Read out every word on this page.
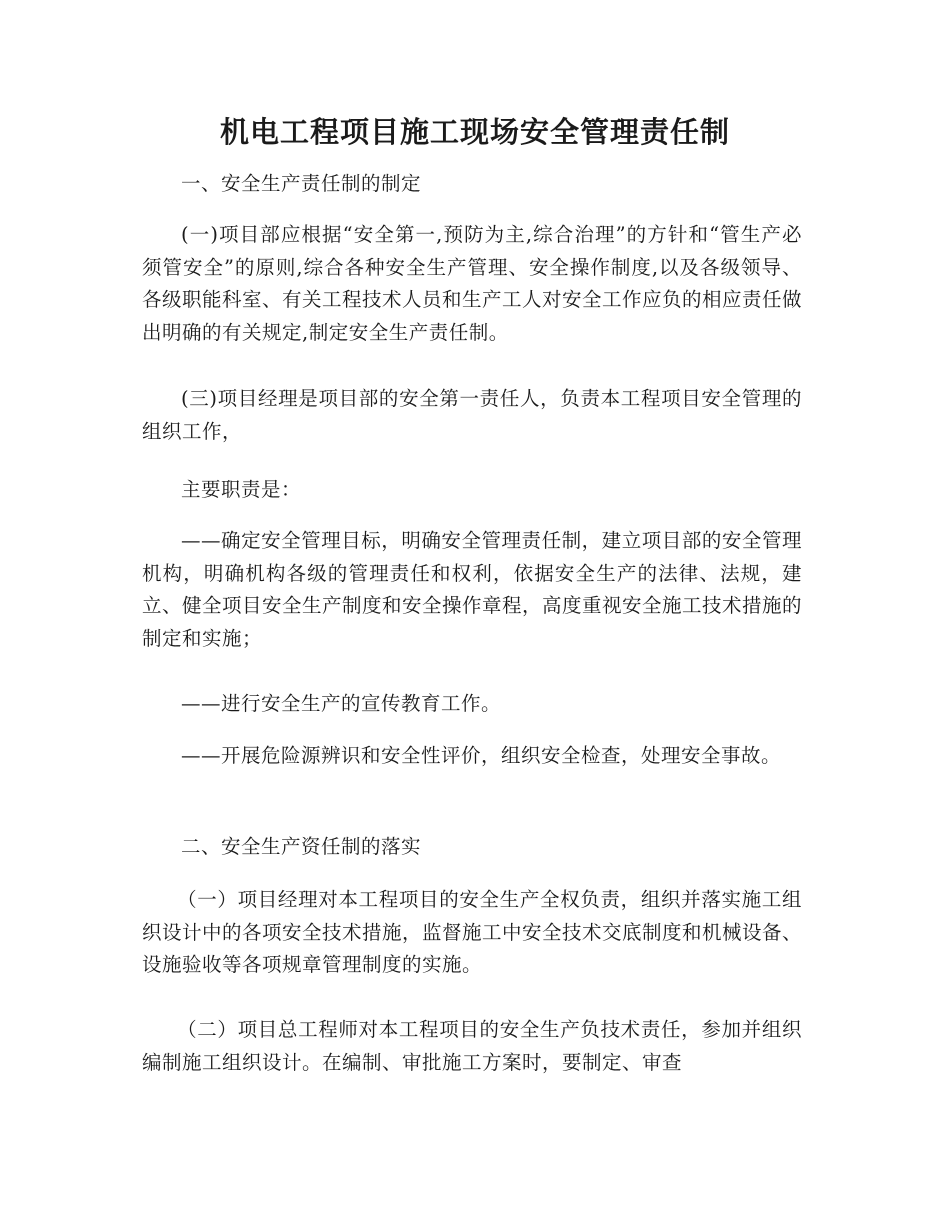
机电工程项目施工现场安全管理责任制

一、安全生产责任制的制定

(一)项目部应根据“安全第一,预防为主,综合治理”的方针和“管生产必须管安全”的原则,综合各种安全生产管理、安全操作制度,以及各级领导、各级职能科室、有关工程技术人员和生产工人对安全工作应负的相应责任做出明确的有关规定,制定安全生产责任制。

(三)项目经理是项目部的安全第一责任人，负责本工程项目安全管理的组织工作，

主要职责是：

——确定安全管理目标，明确安全管理责任制，建立项目部的安全管理机构，明确机构各级的管理责任和权利，依据安全生产的法律、法规，建立、健全项目安全生产制度和安全操作章程，高度重视安全施工技术措施的制定和实施；

——进行安全生产的宣传教育工作。

——开展危险源辨识和安全性评价，组织安全检查，处理安全事故。

二、安全生产资任制的落实

（一）项目经理对本工程项目的安全生产全权负责，组织并落实施工组织设计中的各项安全技术措施，监督施工中安全技术交底制度和机械设备、设施验收等各项规章管理制度的实施。

（二）项目总工程师对本工程项目的安全生产负技术责任，参加并组织编制施工组织设计。在编制、审批施工方案时，要制定、审查
